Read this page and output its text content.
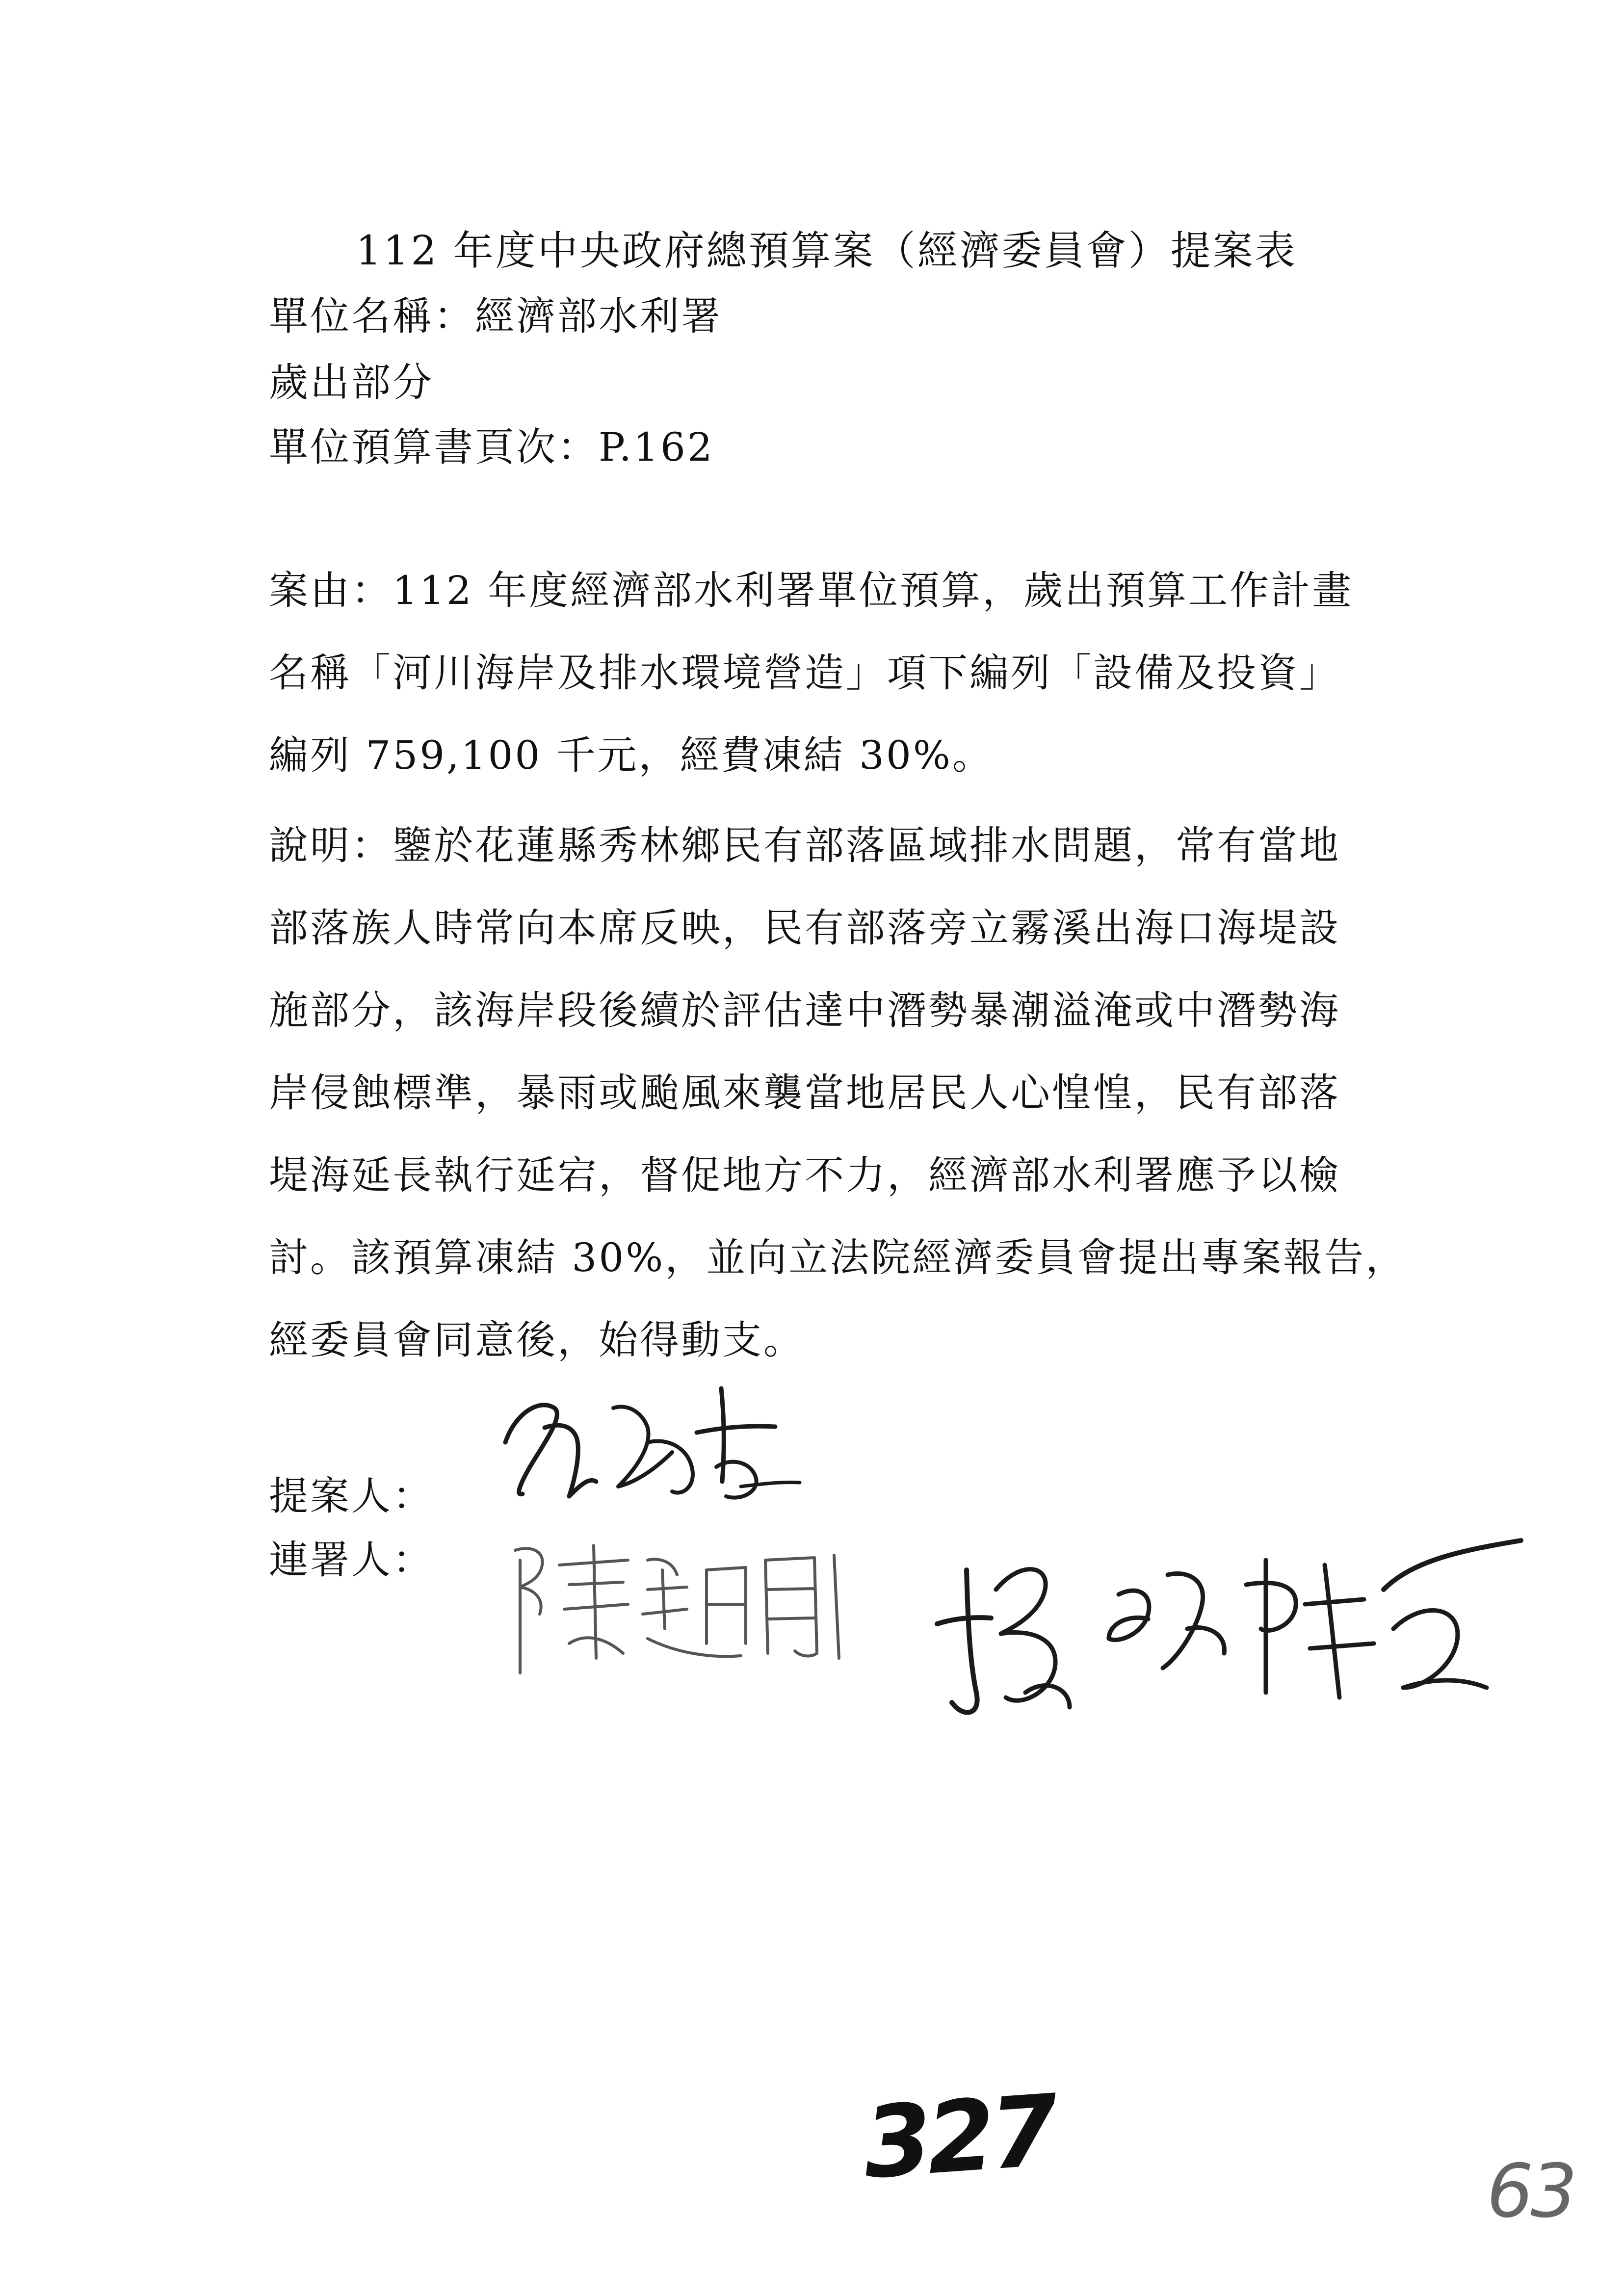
112 年度中央政府總預算案（經濟委員會）提案表
單位名稱：經濟部水利署
歲出部分
單位預算書頁次：P.162
案由：112 年度經濟部水利署單位預算，歲出預算工作計畫
名稱「河川海岸及排水環境營造」項下編列「設備及投資」
編列 759,100 千元，經費凍結 30%。
說明：鑒於花蓮縣秀林鄉民有部落區域排水問題，常有當地
部落族人時常向本席反映，民有部落旁立霧溪出海口海堤設
施部分，該海岸段後續於評估達中潛勢暴潮溢淹或中潛勢海
岸侵蝕標準，暴雨或颱風來襲當地居民人心惶惶，民有部落
堤海延長執行延宕，督促地方不力，經濟部水利署應予以檢
討。該預算凍結 30%，並向立法院經濟委員會提出專案報告，
經委員會同意後，始得動支。
提案人：
連署人：
327	63
